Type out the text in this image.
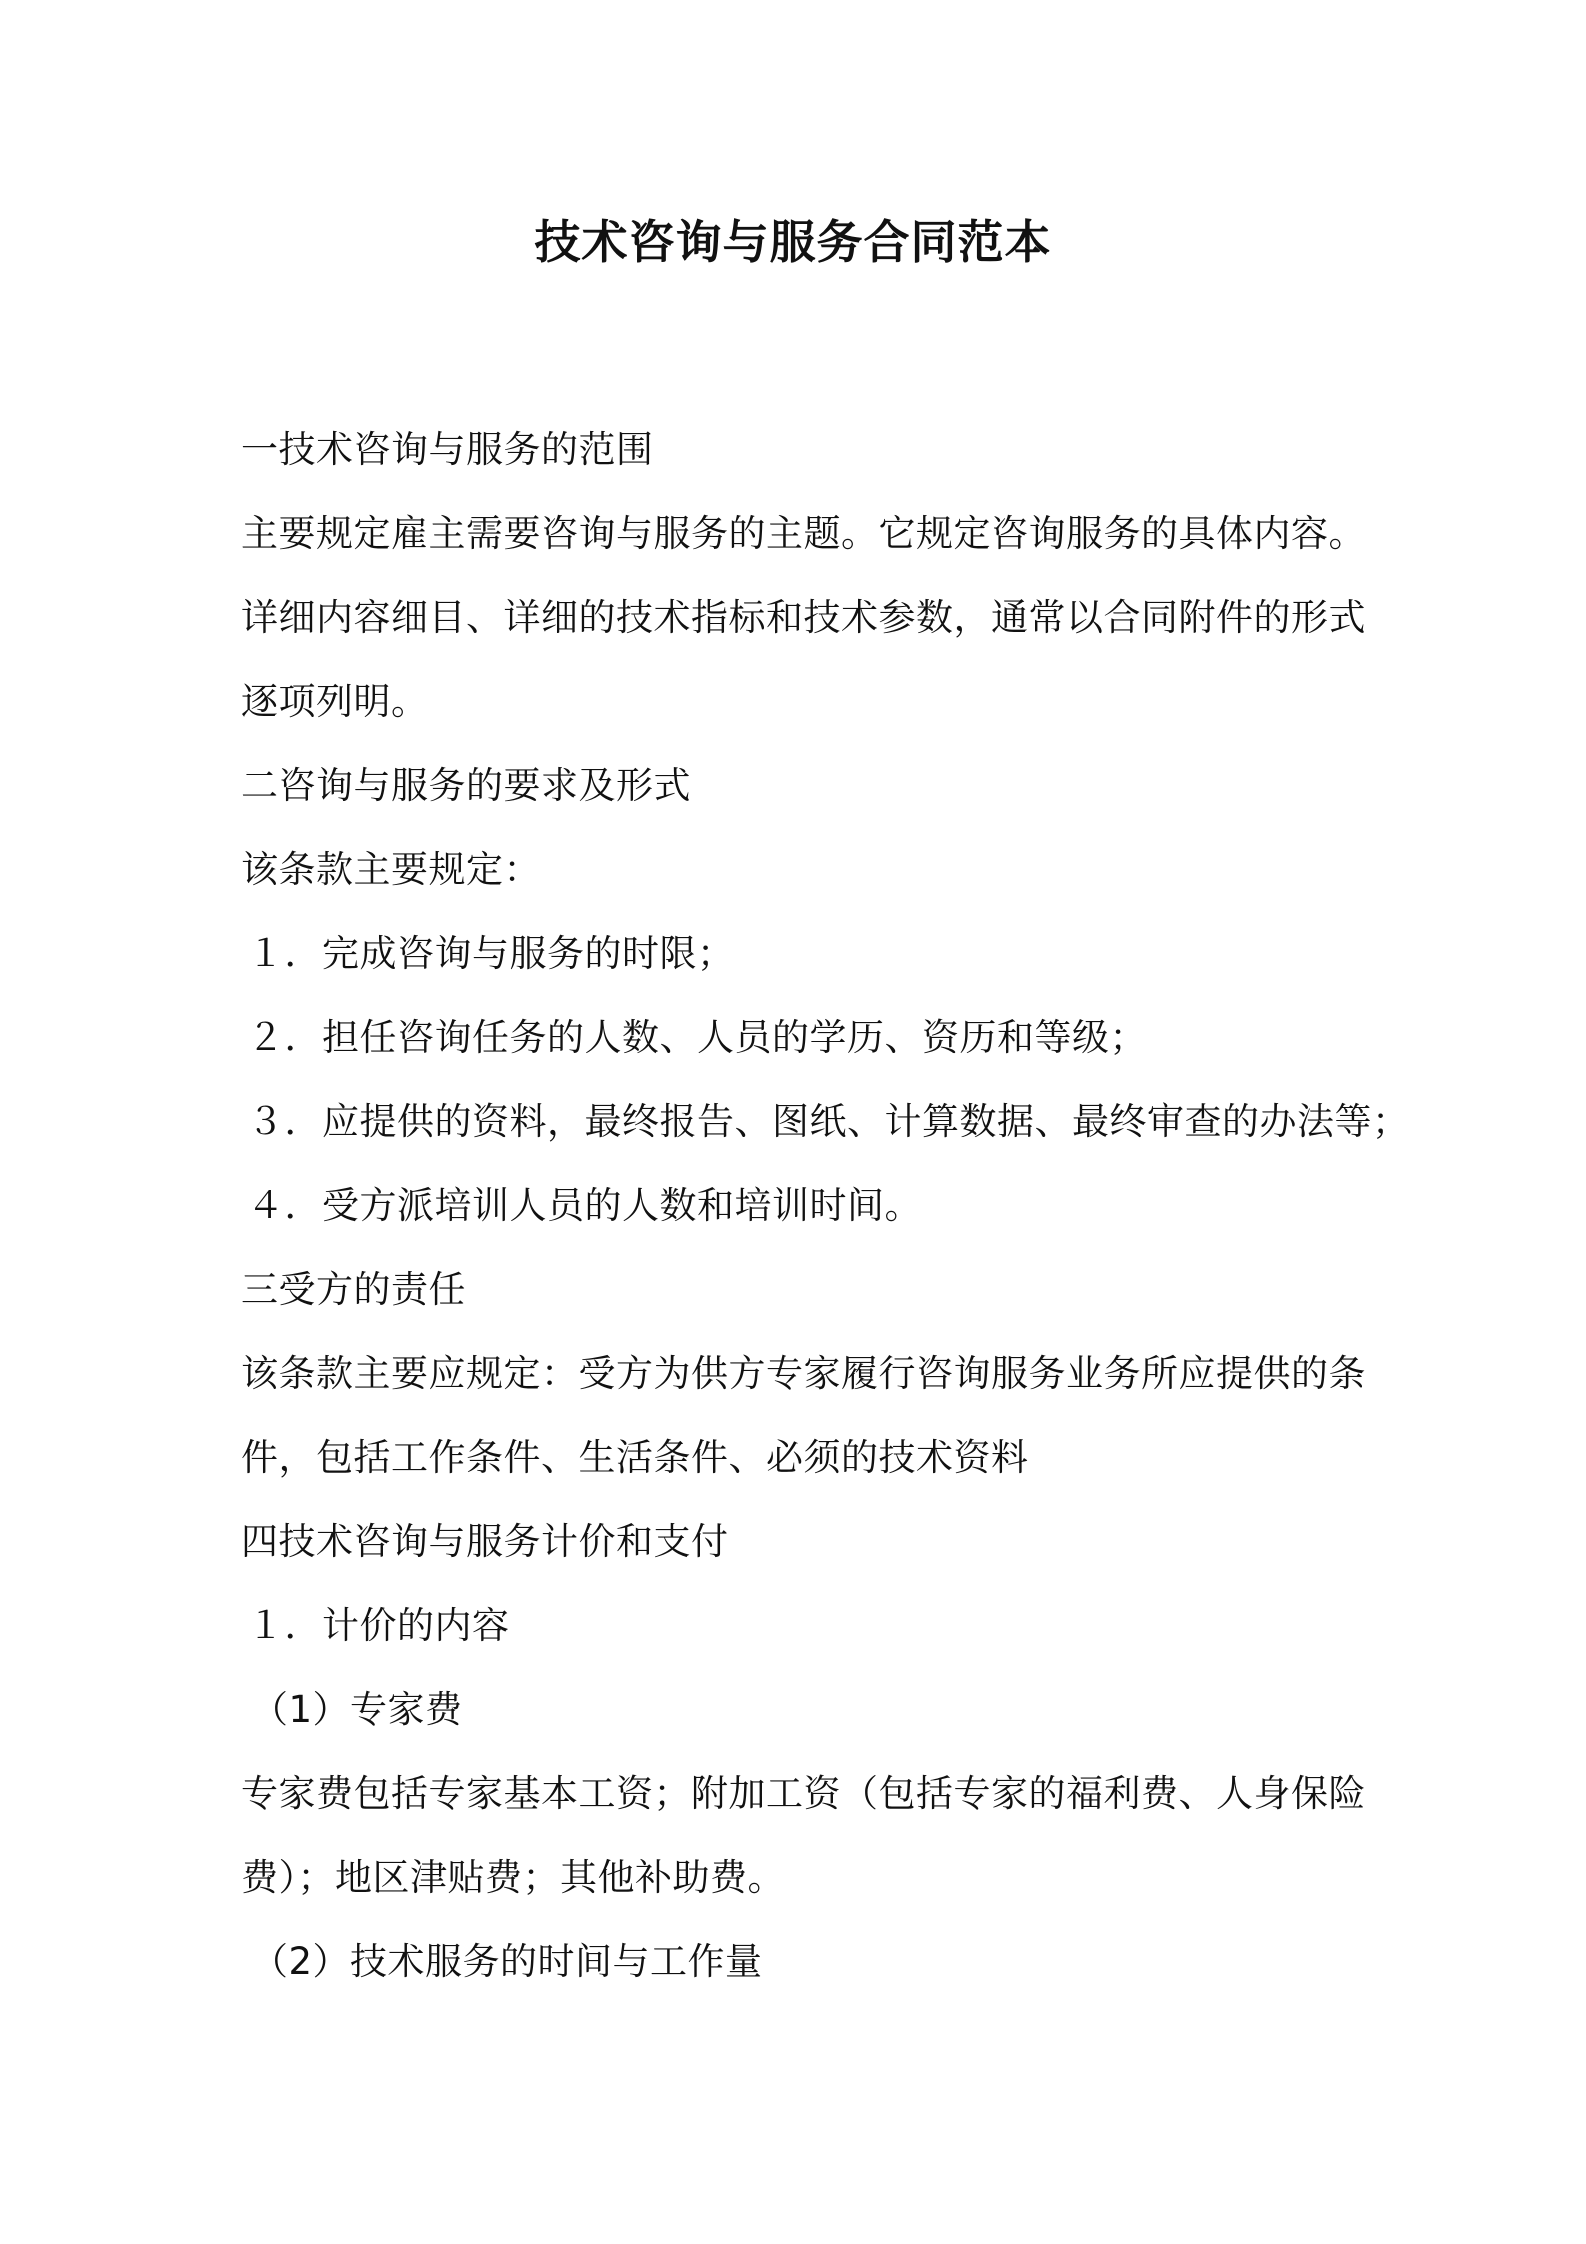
技术咨询与服务合同范本
一技术咨询与服务的范围
主要规定雇主需要咨询与服务的主题。它规定咨询服务的具体内容。
详细内容细目、详细的技术指标和技术参数，通常以合同附件的形式
逐项列明。
二咨询与服务的要求及形式
该条款主要规定：
１．完成咨询与服务的时限；
２．担任咨询任务的人数、人员的学历、资历和等级；
３．应提供的资料，最终报告、图纸、计算数据、最终审查的办法等；
４．受方派培训人员的人数和培训时间。
三受方的责任
该条款主要应规定：受方为供方专家履行咨询服务业务所应提供的条
件，包括工作条件、生活条件、必须的技术资料
四技术咨询与服务计价和支付
１．计价的内容
（1）专家费
专家费包括专家基本工资；附加工资（包括专家的福利费、人身保险
费）；地区津贴费；其他补助费。
（2）技术服务的时间与工作量
